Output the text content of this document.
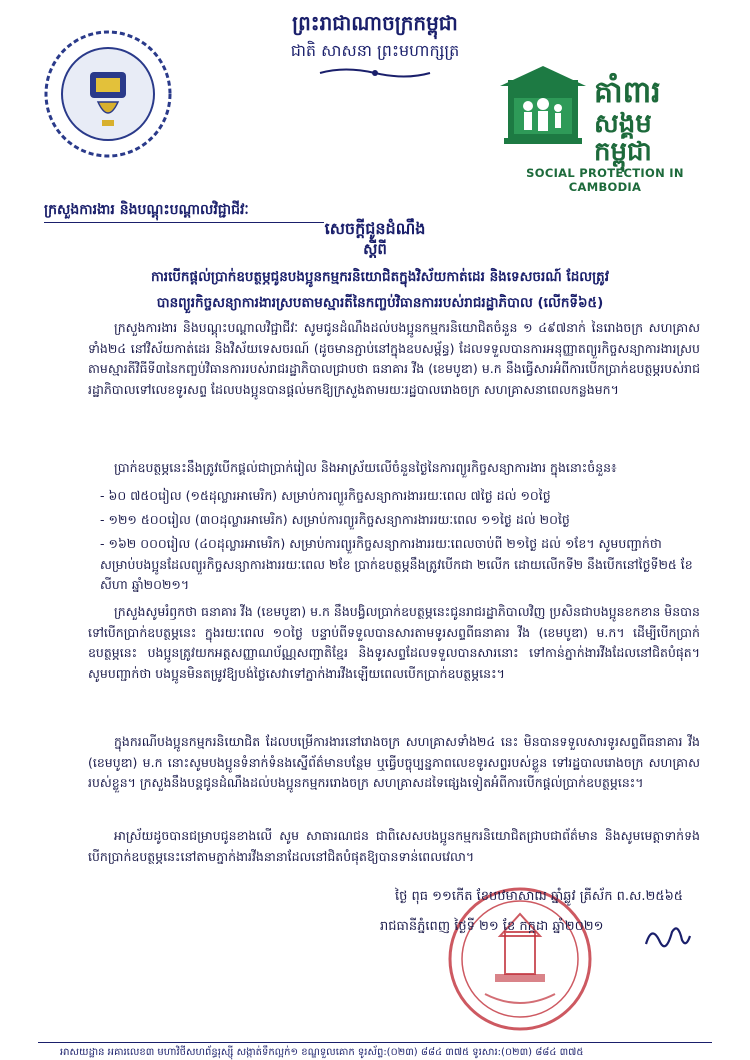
ព្រះរាជាណាចក្រកម្ពុជា
ជាតិ សាសនា ព្រះមហាក្សត្រ
គាំពារ
សង្គម
កម្ពុជា
SOCIAL PROTECTION IN CAMBODIA
ក្រសួងការងារ និងបណ្តុះបណ្តាលវិជ្ជាជីវៈ
សេចក្តីជូនដំណឹង
ស្តីពី
ការបើកផ្តល់ប្រាក់ឧបត្ថម្ភជូនបងប្អូនកម្មករនិយោជិតក្នុងវិស័យកាត់ដេរ និងទេសចរណ៍ ដែលត្រូវ
បានព្យួរកិច្ចសន្យាការងារស្របតាមស្មារតីនៃកញ្ចប់វិធានការរបស់រាជរដ្ឋាភិបាល (លើកទី៦៥)
ក្រសួងការងារ និងបណ្តុះបណ្តាលវិជ្ជាជីវៈ សូមជូនដំណឹងដល់បងប្អូនកម្មករនិយោជិតចំនួន ១ ៤៩៧នាក់ នៃរោងចក្រ សហគ្រាសទាំង២៤ នៅវិស័យកាត់ដេរ និងវិស័យទេសចរណ៍ (ដូចមានភ្ជាប់នៅក្នុងឧបសម្ព័ន្ធ) ដែលទទួលបានការអនុញ្ញាតព្យួរកិច្ចសន្យាការងារស្របតាមស្មារតីវិធីទី៣នៃកញ្ចប់វិធានការរបស់រាជរដ្ឋាភិបាលជ្រាបថា ធនាគារ វីង (ខេមបូឌា) ម.ក នឹងធ្វើសារអំពីការបើកប្រាក់ឧបត្ថម្ភរបស់រាជរដ្ឋាភិបាលទៅលេខទូរសព្ទ ដែលបងប្អូនបានផ្តល់មកឱ្យក្រសួងតាមរយៈរដ្ឋបាលរោងចក្រ សហគ្រាសនាពេលកន្លងមក។
ប្រាក់ឧបត្ថម្ភនេះនឹងត្រូវបើកផ្តល់ជាប្រាក់រៀល និងអាស្រ័យលើចំនួនថ្ងៃនៃការព្យួរកិច្ចសន្យាការងារ ក្នុងនោះចំនួន៖
- ៦០ ៧៥០រៀល (១៥ដុល្លារអាមេរិក) សម្រាប់ការព្យួរកិច្ចសន្យាការងាររយៈពេល ៧ថ្ងៃ ដល់ ១០ថ្ងៃ
- ១២១ ៥០០រៀល (៣០ដុល្លារអាមេរិក) សម្រាប់ការព្យួរកិច្ចសន្យាការងាររយៈពេល ១១ថ្ងៃ ដល់ ២០ថ្ងៃ
- ១៦២ ០០០រៀល (៤០ដុល្លារអាមេរិក) សម្រាប់ការព្យួរកិច្ចសន្យាការងាររយៈពេលចាប់ពី ២១ថ្ងៃ ដល់ ១ខែ។ សូមបញ្ជាក់ថា សម្រាប់បងប្អូនដែលព្យួរកិច្ចសន្យាការងាររយៈពេល ២ខែ ប្រាក់ឧបត្ថម្ភនឹងត្រូវបើកជា ២លើក ដោយលើកទី២ នឹងបើកនៅថ្ងៃទី២៥ ខែសីហា ឆ្នាំ២០២១។
ក្រសួងសូមរំឭកថា ធនាគារ វីង (ខេមបូឌា) ម.ក នឹងបង្វិលប្រាក់ឧបត្ថម្ភនេះជូនរាជរដ្ឋាភិបាលវិញ ប្រសិនជាបងប្អូនខកខាន មិនបានទៅបើកប្រាក់ឧបត្ថម្ភនេះ ក្នុងរយៈពេល ១០ថ្ងៃ បន្ទាប់ពីទទួលបានសារតាមទូរសព្ទពីធនាគារ វីង (ខេមបូឌា) ម.ក។ ដើម្បីបើកប្រាក់ឧបត្ថម្ភនេះ បងប្អូនត្រូវយកអត្តសញ្ញាណប័ណ្ណសញ្ជាតិខ្មែរ និងទូរសព្ទដែលទទួលបានសារនោះ ទៅកាន់ភ្នាក់ងារវីងដែលនៅជិតបំផុត។ សូមបញ្ជាក់ថា បងប្អូនមិនតម្រូវឱ្យបង់ថ្លៃសេវាទៅភ្នាក់ងារវីងឡើយពេលបើកប្រាក់ឧបត្ថម្ភនេះ។
ក្នុងករណីបងប្អូនកម្មករនិយោជិត ដែលបម្រើការងារនៅរោងចក្រ សហគ្រាសទាំង២៤ នេះ មិនបានទទួលសារទូរសព្ទពីធនាគារ វីង (ខេមបូឌា) ម.ក នោះសូមបងប្អូនទំនាក់ទំនងស្នើព័ត៌មានបន្ថែម ឬធ្វើបច្ចុប្បន្នភាពលេខទូរសព្ទរបស់ខ្លួន ទៅរដ្ឋបាលរោងចក្រ សហគ្រាសរបស់ខ្លួន។ ក្រសួងនឹងបន្តជូនដំណឹងដល់បងប្អូនកម្មកររោងចក្រ សហគ្រាសដទៃផ្សេងទៀតអំពីការបើកផ្តល់ប្រាក់ឧបត្ថម្ភនេះ។
អាស្រ័យដូចបានជម្រាបជូនខាងលើ សូម សាធារណជន ជាពិសេសបងប្អូនកម្មករនិយោជិតជ្រាបជាព័ត៌មាន និងសូមមេត្តាទាក់ទងបើកប្រាក់ឧបត្ថម្ភនេះនៅតាមភ្នាក់ងារវីងនានាដែលនៅជិតបំផុតឱ្យបានទាន់ពេលវេលា។
ថ្ងៃ ពុធ ១១កើត ខែបឋមាសាឍ ឆ្នាំឆ្លូវ ត្រីស័ក ព.ស.២៥៦៥
រាជធានីភ្នំពេញ ថ្ងៃទី ២១ ខែ កក្កដា ឆ្នាំ២០២១
អាសយដ្ឋាន អគារលេខ៣ មហាវិថីសហព័ន្ធរុស្ស៊ី សង្កាត់ទឹកល្អក់១ ខណ្ឌទួលគោក ទូរស័ព្ទ:(០២៣) ៨៨៤ ៣៧៥ ទូរសារ:(០២៣) ៨៨៤ ៣៧៥
